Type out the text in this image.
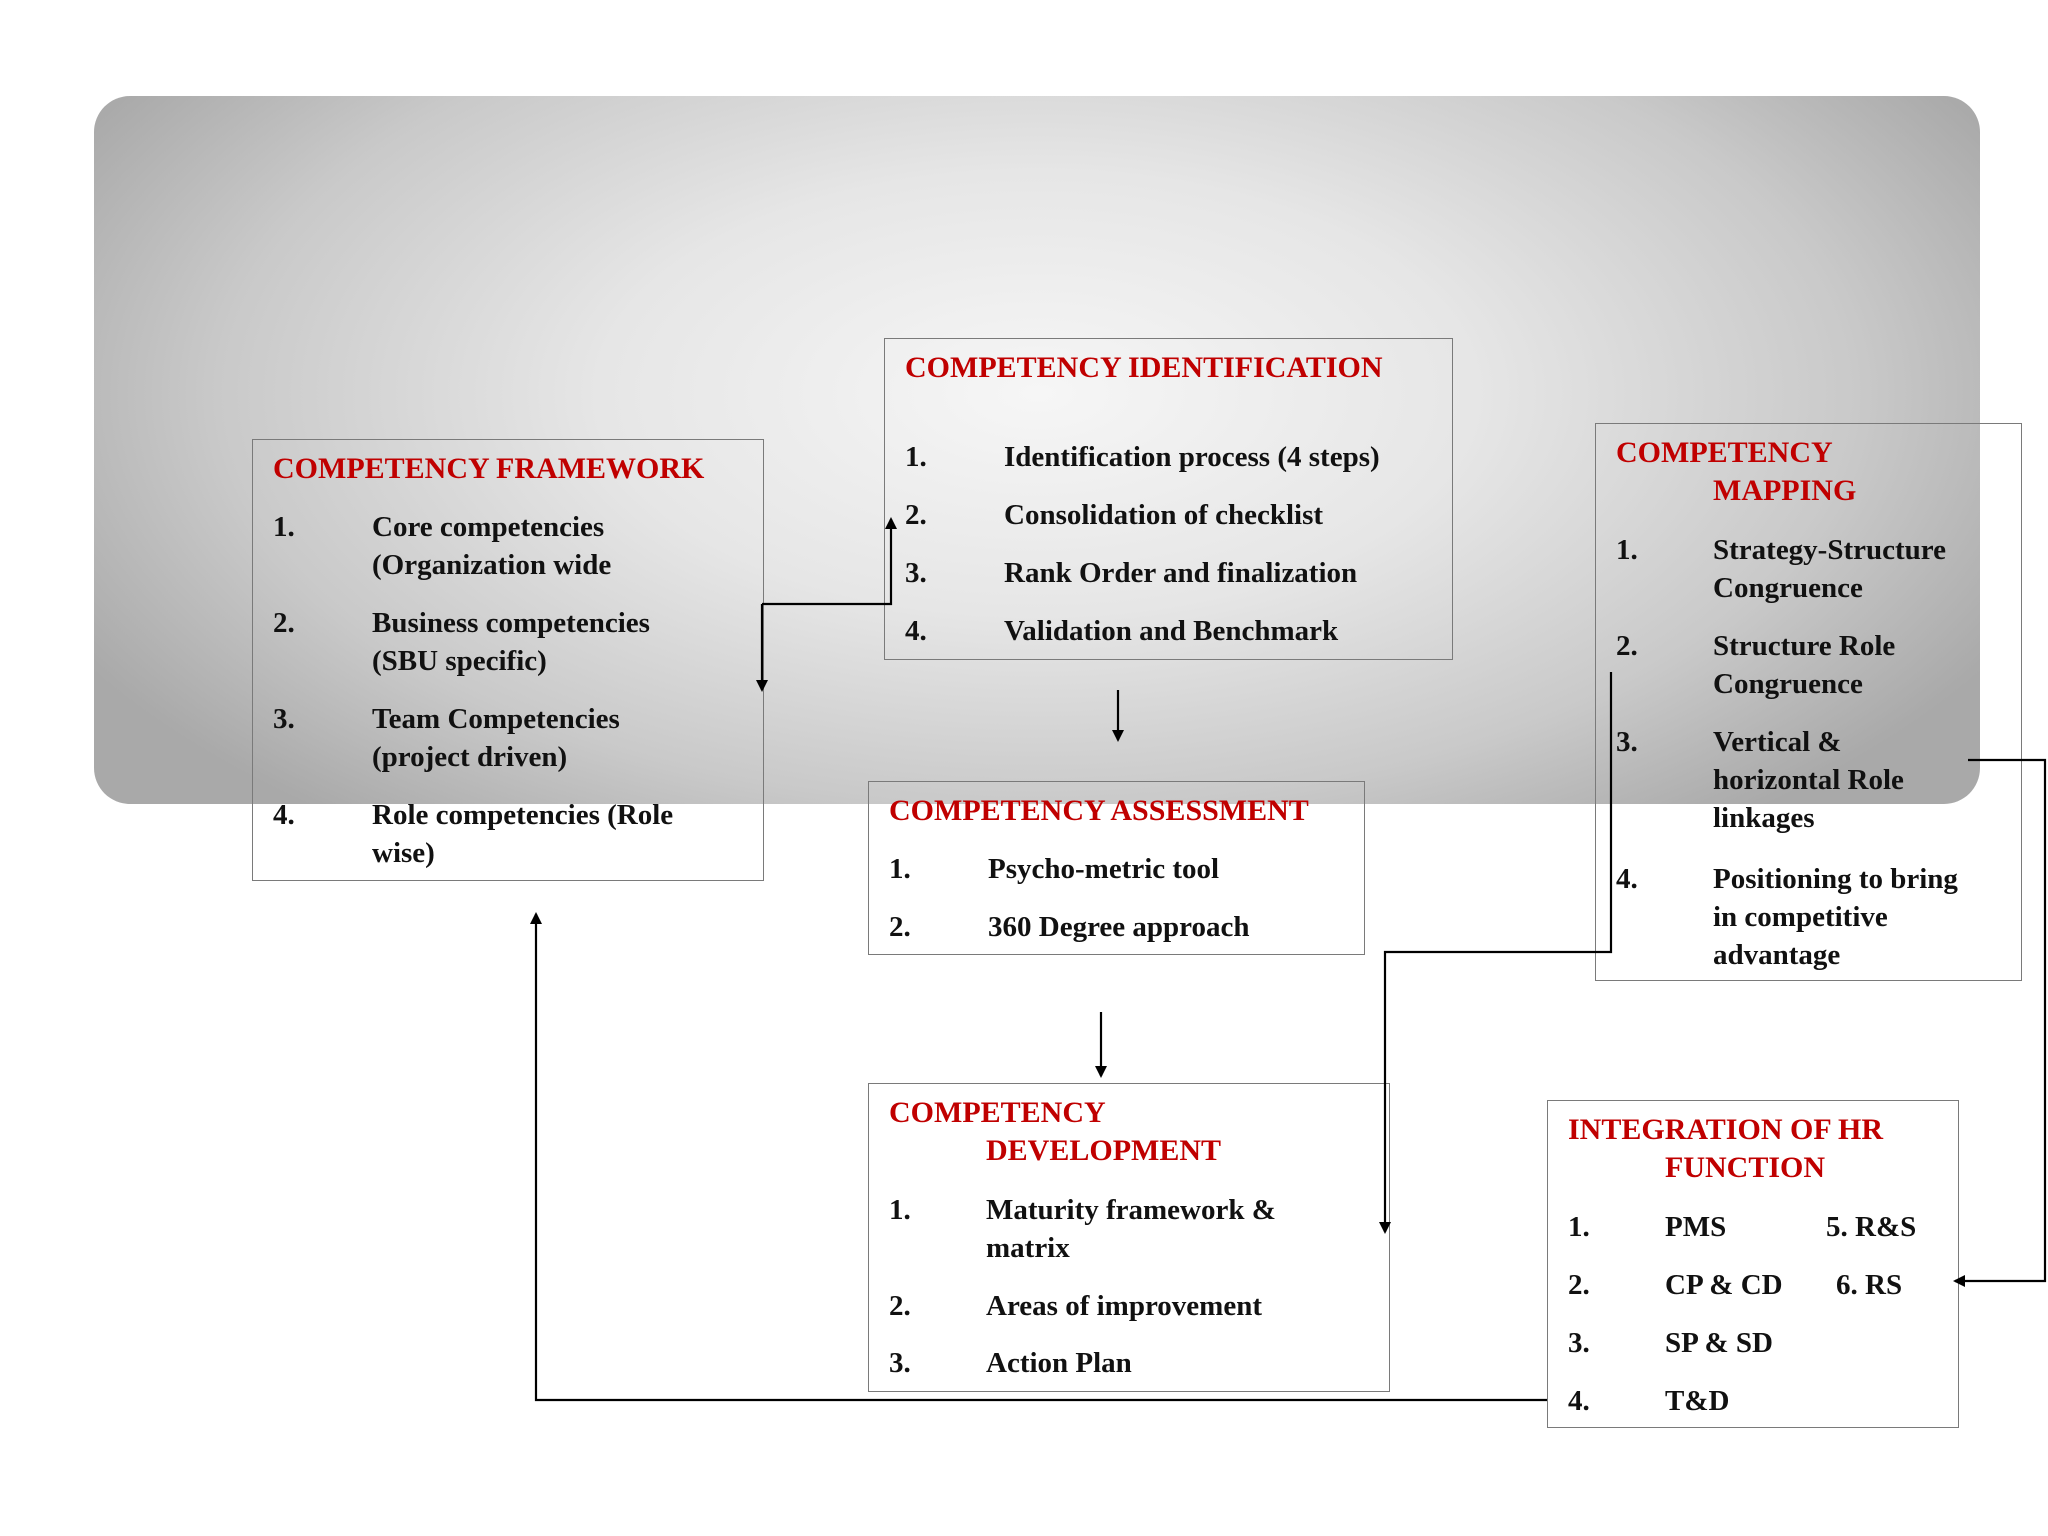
COMPETENCY FRAMEWORK
1.	Core competencies
(Organization wide
2.	Business competencies
(SBU specific)
3.	Team Competencies
(project driven)
4.	Role competencies (Role
wise)
COMPETENCY IDENTIFICATION
1.	Identification process (4 steps)
2.	Consolidation of checklist
3.	Rank Order and finalization
4.	Validation and Benchmark
COMPETENCY
MAPPING
1.	Strategy-Structure
Congruence
2.	Structure Role
Congruence
3.	Vertical &
horizontal Role
linkages
4.	Positioning to bring
in competitive
advantage
COMPETENCY ASSESSMENT
1.	Psycho-metric tool
2.	360 Degree approach
COMPETENCY
DEVELOPMENT
1.	Maturity framework &
matrix
2.	Areas of improvement
3.	Action Plan
INTEGRATION OF HR
FUNCTION
1.	PMS	5. R&S
2.	CP & CD 6. RS
3.	SP & SD
4.	T&D
